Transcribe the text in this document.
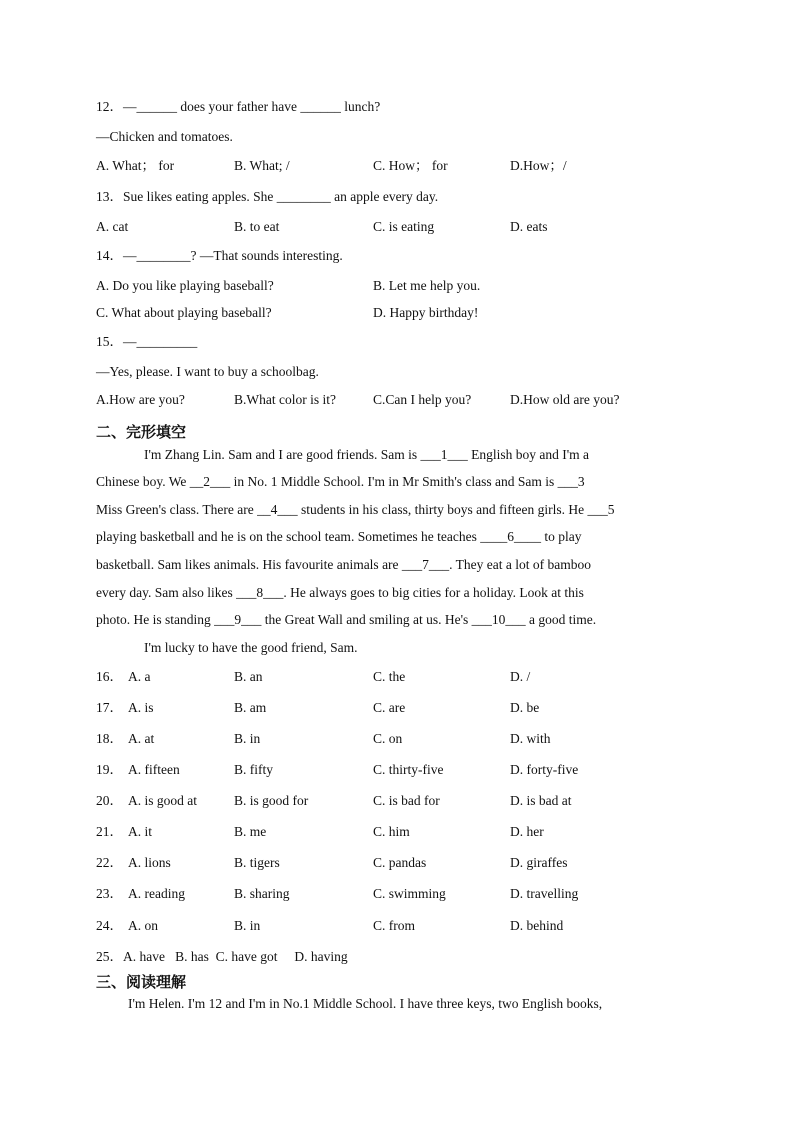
12．—______ does your father have ______ lunch?
—Chicken and tomatoes.
A. What； for	B. What; /	C. How； for	D.How；/
13．Sue likes eating apples. She ________ an apple every day.
A. cat	B. to eat	C. is eating	D. eats
14．—________? —That sounds interesting.
A. Do you like playing baseball?	B. Let me help you.
C. What about playing baseball?	D. Happy birthday!
15．—_________
—Yes, please. I want to buy a schoolbag.
A.How are you?	B.What color is it?	C.Can I help you?	D.How old are you?
二、完形填空
I'm Zhang Lin. Sam and I are good friends. Sam is ___1___ English boy and I'm a
Chinese boy. We __2___ in No. 1 Middle School. I'm in Mr Smith's class and Sam is ___3
Miss Green's class. There are __4___ students in his class, thirty boys and fifteen girls. He ___5
playing basketball and he is on the school team. Sometimes he teaches ____6____ to play
basketball. Sam likes animals. His favourite animals are ___7___. They eat a lot of bamboo
every day. Sam also likes ___8___. He always goes to big cities for a holiday. Look at this
photo. He is standing ___9___ the Great Wall and smiling at us. He's ___10___ a good time.
I'm lucky to have the good friend, Sam.
16． A. a	B. an	C. the	D. /
17． A. is	B. am	C. are	D. be
18． A. at	B. in	C. on	D. with
19． A. fifteen	B. fifty	C. thirty-five	D. forty-five
20． A. is good at	B. is good for	C. is bad for	D. is bad at
21． A. it	B. me	C. him	D. her
22． A. lions	B. tigers	C. pandas	D. giraffes
23． A. reading	B. sharing	C. swimming	D. travelling
24． A. on	B. in	C. from	D. behind
25．A. have   B. has  C. have got     D. having
三、阅读理解
I'm Helen. I'm 12 and I'm in No.1 Middle School. I have three keys, two English books,
